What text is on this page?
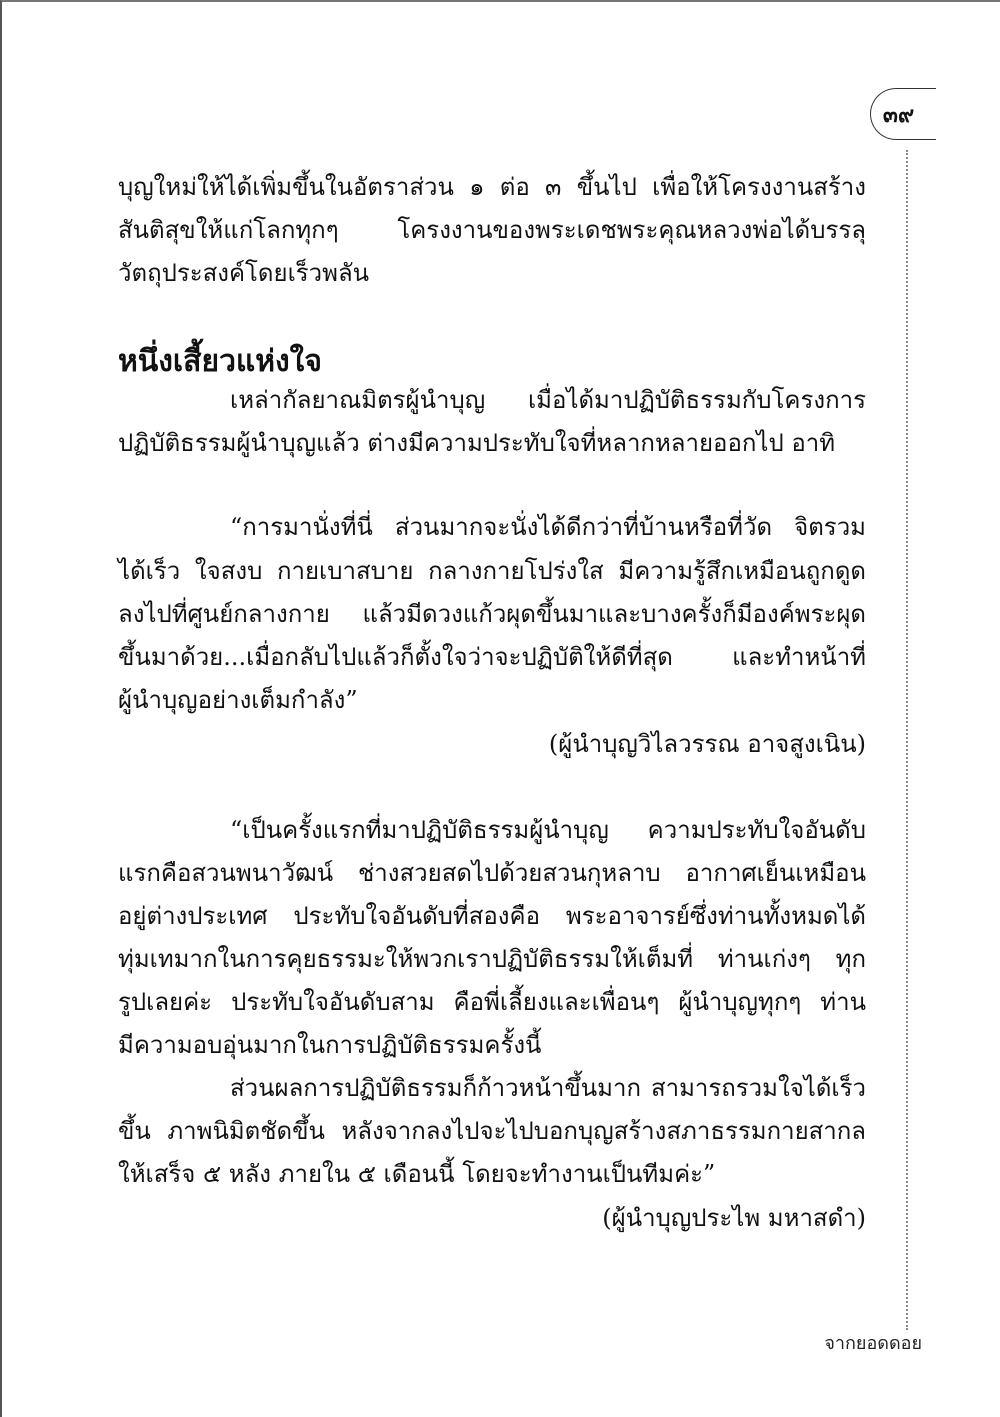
๓๙
บุญใหม่ให้ได้เพิ่มขึ้นในอัตราส่วน ๑ ต่อ ๓ ขึ้นไป เพื่อให้โครงงานสร้าง
สันติสุขให้แก่โลกทุกๆ โครงงานของพระเดชพระคุณหลวงพ่อได้บรรลุ
วัตถุประสงค์โดยเร็วพลัน
หนึ่งเสี้ยวแห่งใจ
เหล่ากัลยาณมิตรผู้นำบุญ เมื่อได้มาปฏิบัติธรรมกับโครงการ
ปฏิบัติธรรมผู้นำบุญแล้ว ต่างมีความประทับใจที่หลากหลายออกไป อาทิ
“การมานั่งที่นี่ ส่วนมากจะนั่งได้ดีกว่าที่บ้านหรือที่วัด จิตรวม
ได้เร็ว ใจสงบ กายเบาสบาย กลางกายโปร่งใส มีความรู้สึกเหมือนถูกดูด
ลงไปที่ศูนย์กลางกาย แล้วมีดวงแก้วผุดขึ้นมาและบางครั้งก็มีองค์พระผุด
ขึ้นมาด้วย...เมื่อกลับไปแล้วก็ตั้งใจว่าจะปฏิบัติให้ดีที่สุด และทำหน้าที่
ผู้นำบุญอย่างเต็มกำลัง”
(ผู้นำบุญวิไลวรรณ อาจสูงเนิน)
“เป็นครั้งแรกที่มาปฏิบัติธรรมผู้นำบุญ ความประทับใจอันดับ
แรกคือสวนพนาวัฒน์ ช่างสวยสดไปด้วยสวนกุหลาบ อากาศเย็นเหมือน
อยู่ต่างประเทศ ประทับใจอันดับที่สองคือ พระอาจารย์ซึ่งท่านทั้งหมดได้
ทุ่มเทมากในการคุยธรรมะให้พวกเราปฏิบัติธรรมให้เต็มที่ ท่านเก่งๆ ทุก
รูปเลยค่ะ ประทับใจอันดับสาม คือพี่เลี้ยงและเพื่อนๆ ผู้นำบุญทุกๆ ท่าน
มีความอบอุ่นมากในการปฏิบัติธรรมครั้งนี้
ส่วนผลการปฏิบัติธรรมก็ก้าวหน้าขึ้นมาก สามารถรวมใจได้เร็ว
ขึ้น ภาพนิมิตชัดขึ้น หลังจากลงไปจะไปบอกบุญสร้างสภาธรรมกายสากล
ให้เสร็จ ๕ หลัง ภายใน ๕ เดือนนี้ โดยจะทำงานเป็นทีมค่ะ”
(ผู้นำบุญประไพ มหาสดำ)
จากยอดดอย
